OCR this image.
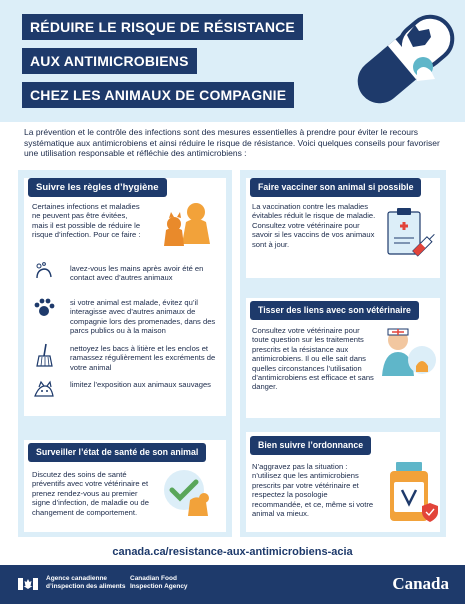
RÉDUIRE LE RISQUE DE RÉSISTANCE
AUX ANTIMICROBIENS
CHEZ LES ANIMAUX DE COMPAGNIE
La prévention et le contrôle des infections sont des mesures essentielles à prendre pour éviter le recours systématique aux antimicrobiens et ainsi réduire le risque de résistance. Voici quelques conseils pour favoriser une utilisation responsable et réfléchie des antimicrobiens :
Suivre les règles d’hygiène
Certaines infections et maladies ne peuvent pas être évitées, mais il est possible de réduire le risque d’infection. Pour ce faire :
lavez-vous les mains après avoir été en contact avec d’autres animaux
si votre animal est malade, évitez qu’il interagisse avec d’autres animaux de compagnie lors des promenades, dans des parcs publics ou à la maison
nettoyez les bacs à litière et les enclos et ramassez régulièrement les excréments de votre animal
limitez l’exposition aux animaux sauvages
Surveiller l’état de santé de son animal
Discutez des soins de santé préventifs avec votre vétérinaire et prenez rendez-vous au premier signe d’infection, de maladie ou de changement de comportement.
Faire vacciner son animal si possible
La vaccination contre les maladies évitables réduit le risque de maladie. Consultez votre vétérinaire pour savoir si les vaccins de vos animaux sont à jour.
Tisser des liens avec son vétérinaire
Consultez votre vétérinaire pour toute question sur les traitements prescrits et la résistance aux antimicrobiens. Il ou elle sait dans quelles circonstances l’utilisation d’antimicrobiens est efficace et sans danger.
Bien suivre l’ordonnance
N’aggravez pas la situation : n’utilisez que les antimicrobiens prescrits par votre vétérinaire et respectez la posologie recommandée, et ce, même si votre animal va mieux.
canada.ca/resistance-aux-antimicrobiens-acia
Agence canadienne
d’inspection des aliments
Canadian Food
Inspection Agency	Canada
